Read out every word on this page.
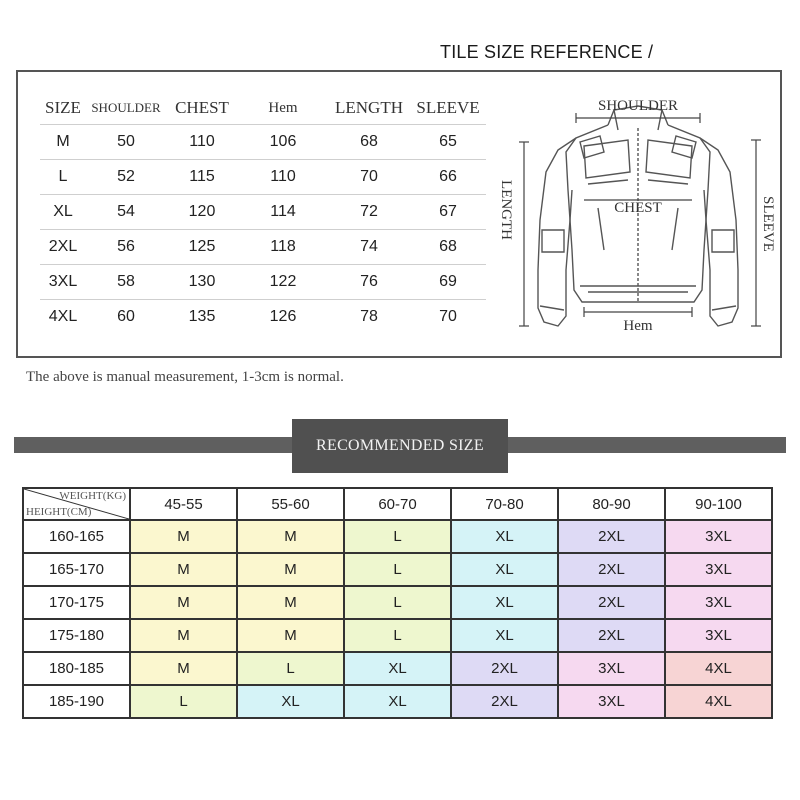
TILE SIZE REFERENCE /
SIZE	SHOULDER	CHEST	Hem	LENGTH	SLEEVE
M	50	110	106	68	65
L	52	115	110	70	66
XL	54	120	114	72	67
2XL	56	125	118	74	68
3XL	58	130	122	76	69
4XL	60	135	126	78	70
SHOULDER
CHEST
Hem
LENGTH	SLEEVE
The above is manual measurement, 1-3cm is normal.
RECOMMENDED SIZE
WEIGHT(KG)
HEIGHT(CM)	45-55	55-60	60-70	70-80	80-90	90-100
160-165	M	M	L	XL	2XL	3XL
165-170	M	M	L	XL	2XL	3XL
170-175	M	M	L	XL	2XL	3XL
175-180	M	M	L	XL	2XL	3XL
180-185	M	L	XL	2XL	3XL	4XL
185-190	L	XL	XL	2XL	3XL	4XL
